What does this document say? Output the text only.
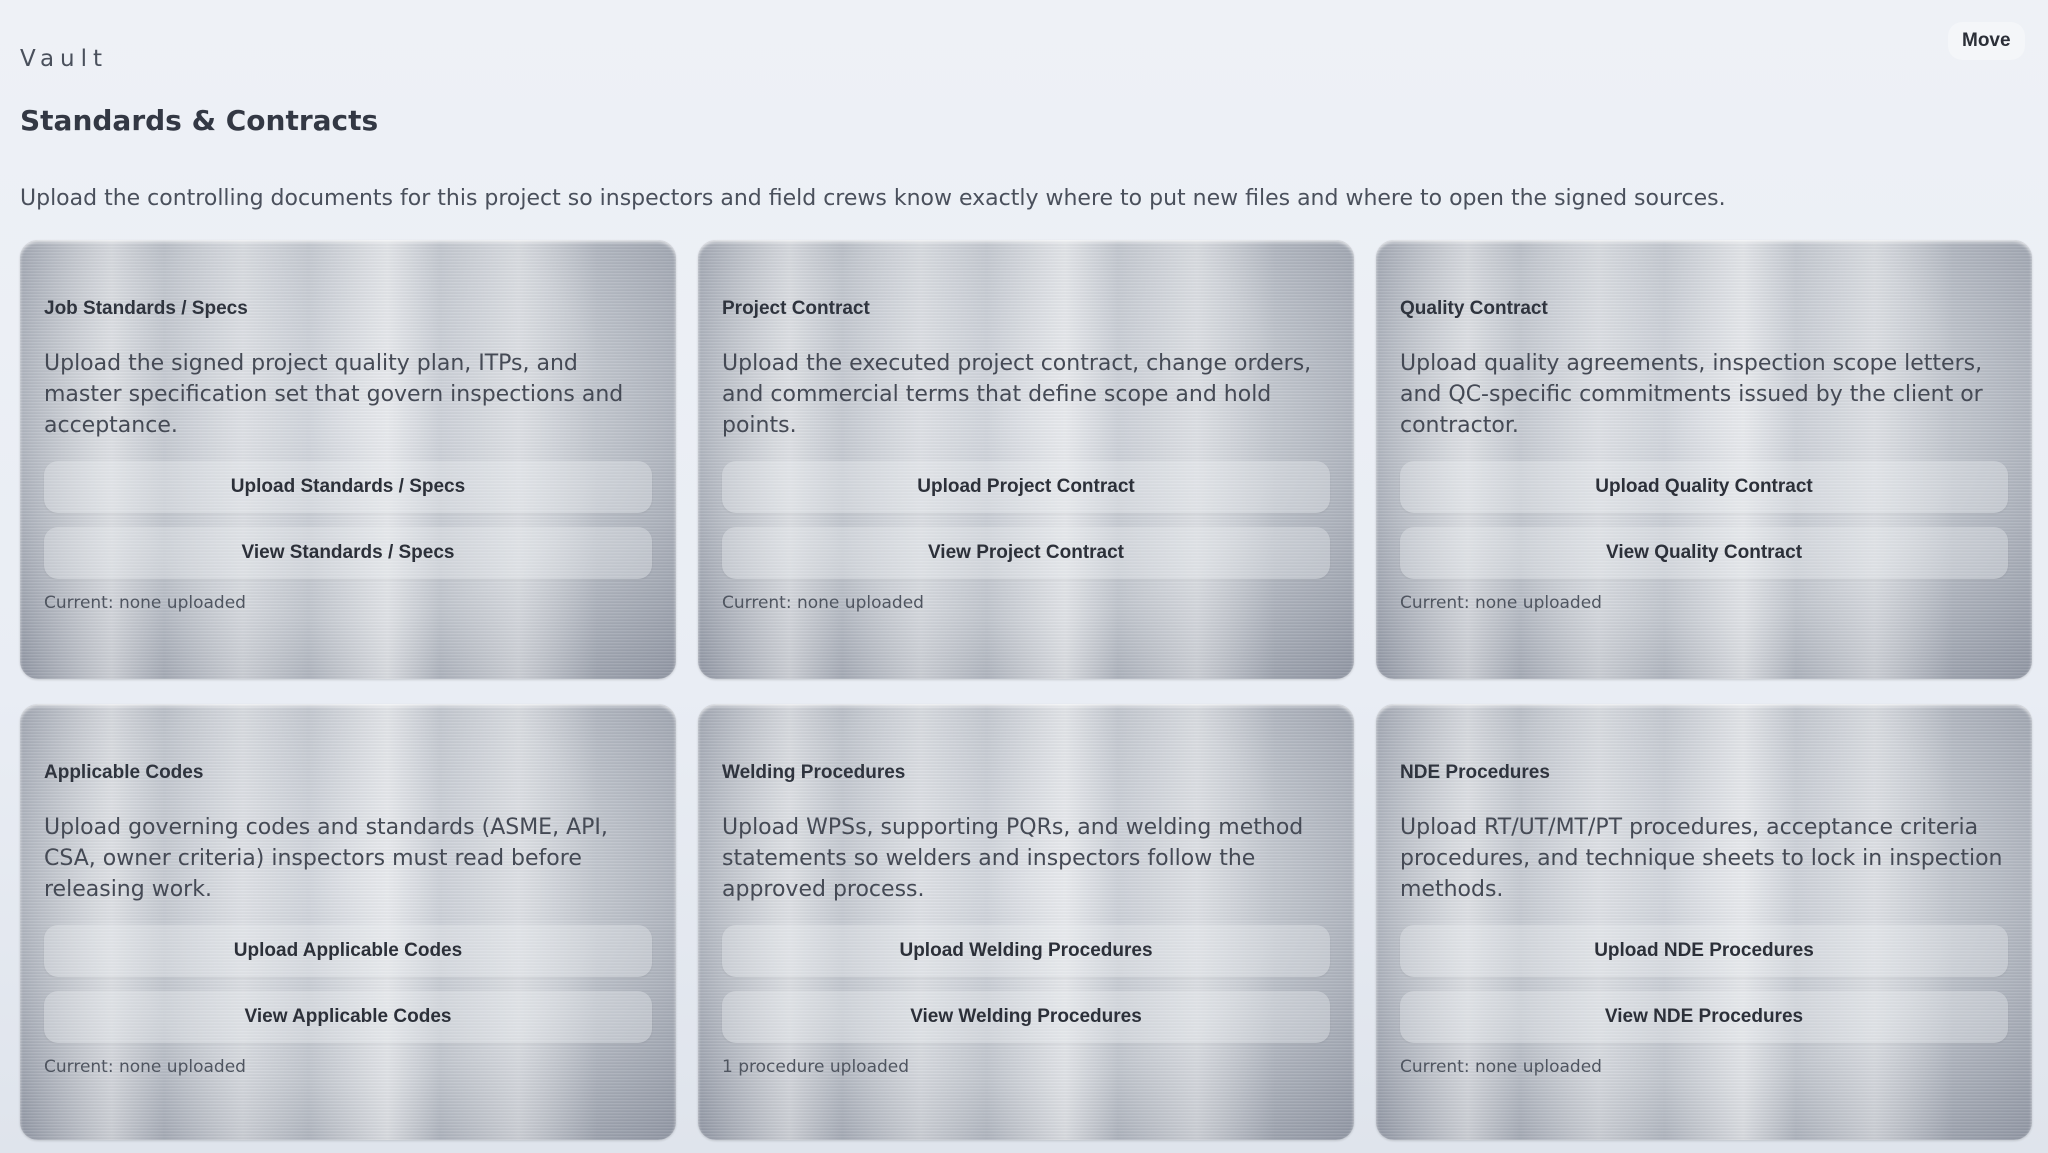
Vault
Move
Standards & Contracts

Upload the controlling documents for this project so inspectors and field crews know exactly where to put new files and where to open the signed sources.

Job Standards / Specs

Upload the signed project quality plan, ITPs, and master specification set that govern inspections and acceptance.

Upload Standards / Specs
View Standards / Specs
Current: none uploaded
Project Contract

Upload the executed project contract, change orders, and commercial terms that define scope and hold points.

Upload Project Contract
View Project Contract
Current: none uploaded
Quality Contract

Upload quality agreements, inspection scope letters, and QC-specific commitments issued by the client or contractor.

Upload Quality Contract
View Quality Contract
Current: none uploaded
Applicable Codes

Upload governing codes and standards (ASME, API, CSA, owner criteria) inspectors must read before releasing work.

Upload Applicable Codes
View Applicable Codes
Current: none uploaded
Welding Procedures

Upload WPSs, supporting PQRs, and welding method statements so welders and inspectors follow the approved process.

Upload Welding Procedures
View Welding Procedures
1 procedure uploaded
NDE Procedures

Upload RT/UT/MT/PT procedures, acceptance criteria procedures, and technique sheets to lock in inspection methods.

Upload NDE Procedures
View NDE Procedures
Current: none uploaded
